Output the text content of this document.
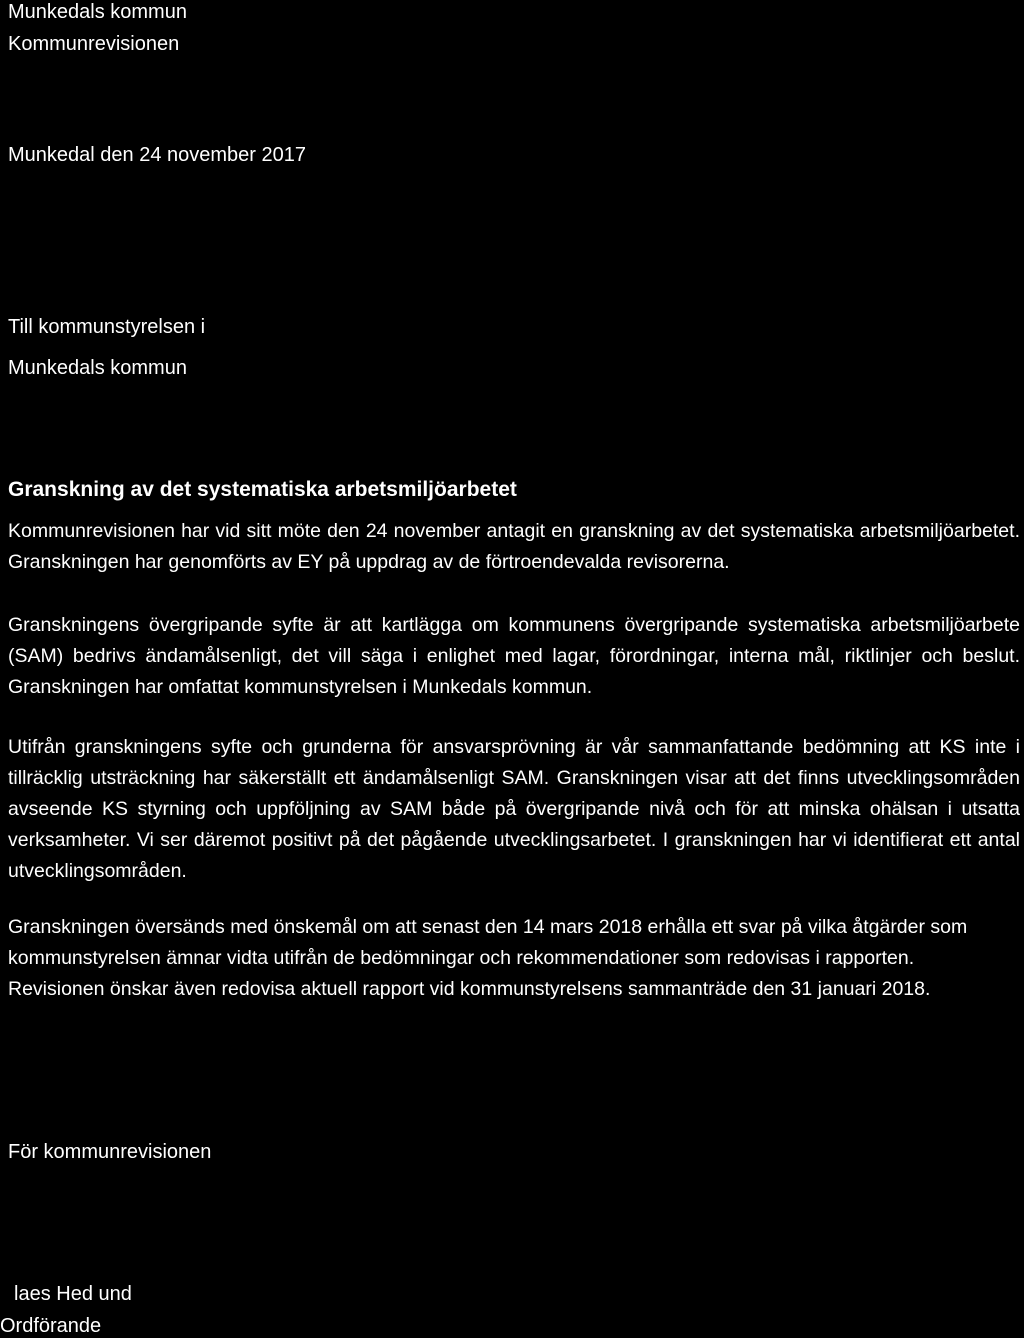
Munkedals kommun
Kommunrevisionen
Munkedal den 24 november 2017
Till kommunstyrelsen i
Munkedals kommun
Granskning av det systematiska arbetsmiljöarbetet
Kommunrevisionen har vid sitt möte den 24 november antagit en granskning av det systematiska arbetsmiljöarbetet. Granskningen har genomförts av EY på uppdrag av de förtroendevalda revisorerna.
Granskningens övergripande syfte är att kartlägga om kommunens övergripande systematiska arbetsmiljöarbete (SAM) bedrivs ändamålsenligt, det vill säga i enlighet med lagar, förordningar, interna mål, riktlinjer och beslut. Granskningen har omfattat kommunstyrelsen i Munkedals kommun.
Utifrån granskningens syfte och grunderna för ansvarsprövning är vår sammanfattande bedömning att KS inte i tillräcklig utsträckning har säkerställt ett ändamålsenligt SAM. Granskningen visar att det finns utvecklingsområden avseende KS styrning och uppföljning av SAM både på övergripande nivå och för att minska ohälsan i utsatta verksamheter. Vi ser däremot positivt på det pågående utvecklingsarbetet. I granskningen har vi identifierat ett antal utvecklingsområden.
Granskningen översänds med önskemål om att senast den 14 mars 2018 erhålla ett svar på vilka åtgärder som kommunstyrelsen ämnar vidta utifrån de bedömningar och rekommendationer som redovisas i rapporten. Revisionen önskar även redovisa aktuell rapport vid kommunstyrelsens sammanträde den 31 januari 2018.
För kommunrevisionen
laes Hed und
Ordförande
